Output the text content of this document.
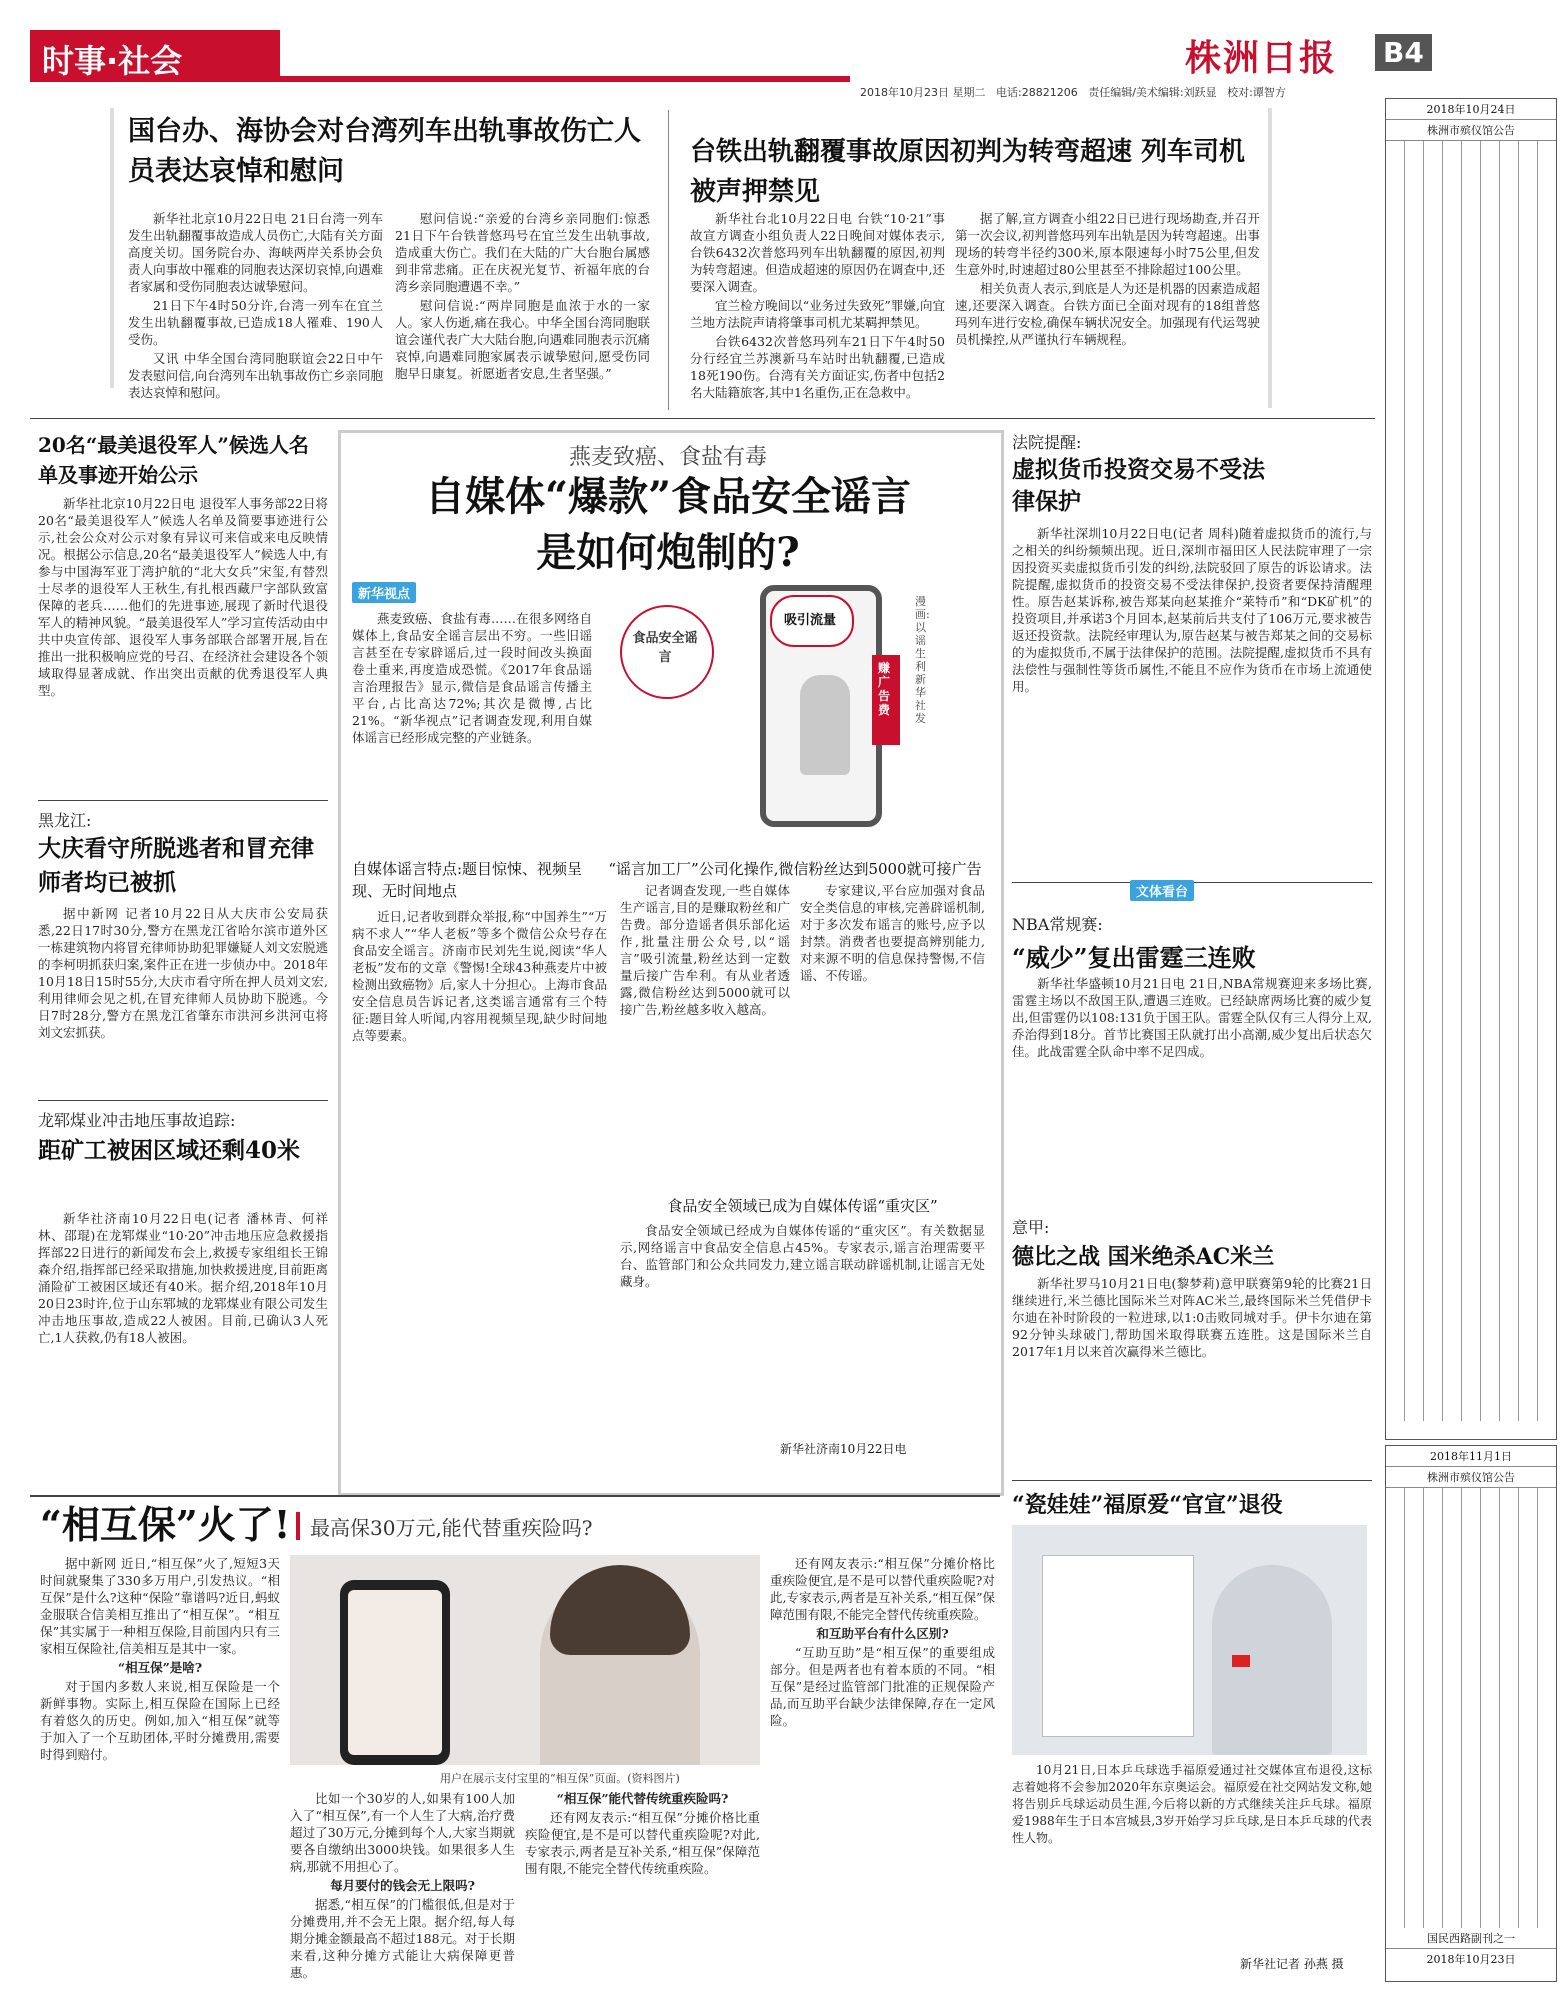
时事·社会	株洲日报 B4
2018年10月23日 星期二 电话:28821206 责任编辑/美术编辑:刘跃显 校对:谭智方
国台办、海协会对台湾列车出轨事故伤亡人员表达哀悼和慰问

新华社北京10月22日电 21日台湾一列车发生出轨翻覆事故造成人员伤亡,大陆有关方面高度关切。国务院台办、海峡两岸关系协会负责人向事故中罹难的同胞表达深切哀悼,向遇难者家属和受伤同胞表达诚挚慰问。

21日下午4时50分许,台湾一列车在宜兰发生出轨翻覆事故,已造成18人罹难、190人受伤。

又讯 中华全国台湾同胞联谊会22日中午发表慰问信,向台湾列车出轨事故伤亡乡亲同胞表达哀悼和慰问。

慰问信说:“亲爱的台湾乡亲同胞们:惊悉21日下午台铁普悠玛号在宜兰发生出轨事故,造成重大伤亡。我们在大陆的广大台胞台属感到非常悲痛。正在庆祝光复节、祈福年底的台湾乡亲同胞遭遇不幸。”

慰问信说:“两岸同胞是血浓于水的一家人。家人伤逝,痛在我心。中华全国台湾同胞联谊会谨代表广大大陆台胞,向遇难同胞表示沉痛哀悼,向遇难同胞家属表示诚挚慰问,愿受伤同胞早日康复。祈愿逝者安息,生者坚强。”

台铁出轨翻覆事故原因初判为转弯超速 列车司机被声押禁见

新华社台北10月22日电 台铁“10·21”事故宣方调查小组负责人22日晚间对媒体表示,台铁6432次普悠玛列车出轨翻覆的原因,初判为转弯超速。但造成超速的原因仍在调查中,还要深入调查。

宜兰检方晚间以“业务过失致死”罪嫌,向宜兰地方法院声请将肇事司机尤某羁押禁见。

台铁6432次普悠玛列车21日下午4时50分行经宜兰苏澳新马车站时出轨翻覆,已造成18死190伤。台湾有关方面证实,伤者中包括2名大陆籍旅客,其中1名重伤,正在急救中。

据了解,宣方调查小组22日已进行现场勘查,并召开第一次会议,初判普悠玛列车出轨是因为转弯超速。出事现场的转弯半径约300米,原本限速每小时75公里,但发生意外时,时速超过80公里甚至不排除超过100公里。

相关负责人表示,到底是人为还是机器的因素造成超速,还要深入调查。台铁方面已全面对现有的18组普悠玛列车进行安检,确保车辆状况安全。加强现有代运驾驶员机操控,从严谨执行车辆规程。

20名“最美退役军人”候选人名单及事迹开始公示

新华社北京10月22日电 退役军人事务部22日将20名“最美退役军人”候选人名单及简要事迹进行公示,社会公众对公示对象有异议可来信或来电反映情况。根据公示信息,20名“最美退役军人”候选人中,有参与中国海军亚丁湾护航的“北大女兵”宋玺,有替烈士尽孝的退役军人王秋生,有扎根西藏尸字部队致富保障的老兵……他们的先进事迹,展现了新时代退役军人的精神风貌。“最美退役军人”学习宣传活动由中共中央宣传部、退役军人事务部联合部署开展,旨在推出一批积极响应党的号召、在经济社会建设各个领域取得显著成就、作出突出贡献的优秀退役军人典型。

黑龙江:
大庆看守所脱逃者和冒充律师者均已被抓

据中新网 记者10月22日从大庆市公安局获悉,22日17时30分,警方在黑龙江省哈尔滨市道外区一栋建筑物内将冒充律师协助犯罪嫌疑人刘文宏脱逃的李柯明抓获归案,案件正在进一步侦办中。2018年10月18日15时55分,大庆市看守所在押人员刘文宏,利用律师会见之机,在冒充律师人员协助下脱逃。今日7时28分,警方在黑龙江省肇东市洪河乡洪河屯将刘文宏抓获。

龙郓煤业冲击地压事故追踪:
距矿工被困区域还剩40米

新华社济南10月22日电(记者 潘林青、何祥林、邵琨)在龙郓煤业“10·20”冲击地压应急救援指挥部22日进行的新闻发布会上,救援专家组组长王锦森介绍,指挥部已经采取措施,加快救援进度,目前距离涌险矿工被困区域还有40米。据介绍,2018年10月20日23时许,位于山东郓城的龙郓煤业有限公司发生冲击地压事故,造成22人被困。目前,已确认3人死亡,1人获救,仍有18人被困。

燕麦致癌、食盐有毒
自媒体“爆款”食品安全谣言
是如何炮制的?
新华视点

燕麦致癌、食盐有毒……在很多网络自媒体上,食品安全谣言层出不穷。一些旧谣言甚至在专家辟谣后,过一段时间改头换面卷土重来,再度造成恐慌。《2017年食品谣言治理报告》显示,微信是食品谣言传播主平台,占比高达72%;其次是微博,占比21%。“新华视点”记者调查发现,利用自媒体谣言已经形成完整的产业链条。

食品安全谣言
吸引流量
赚广告费
漫画:以谣生利 新华社发
自媒体谣言特点:题目惊悚、视频呈现、无时间地点

近日,记者收到群众举报,称“中国养生”“万病不求人”“华人老板”等多个微信公众号存在食品安全谣言。济南市民刘先生说,阅读“华人老板”发布的文章《警惕!全球43种燕麦片中被检测出致癌物》后,家人十分担心。上海市食品安全信息员告诉记者,这类谣言通常有三个特征:题目耸人听闻,内容用视频呈现,缺少时间地点等要素。

“谣言加工厂”公司化操作,微信粉丝达到5000就可接广告

记者调查发现,一些自媒体生产谣言,目的是赚取粉丝和广告费。部分造谣者俱乐部化运作,批量注册公众号,以“谣言”吸引流量,粉丝达到一定数量后接广告牟利。有从业者透露,微信粉丝达到5000就可以接广告,粉丝越多收入越高。

专家建议,平台应加强对食品安全类信息的审核,完善辟谣机制,对于多次发布谣言的账号,应予以封禁。消费者也要提高辨别能力,对来源不明的信息保持警惕,不信谣、不传谣。

食品安全领域已成为自媒体传谣“重灾区”

食品安全领域已经成为自媒体传谣的“重灾区”。有关数据显示,网络谣言中食品安全信息占45%。专家表示,谣言治理需要平台、监管部门和公众共同发力,建立谣言联动辟谣机制,让谣言无处藏身。

新华社济南10月22日电
法院提醒:
虚拟货币投资交易不受法律保护

新华社深圳10月22日电(记者 周科)随着虚拟货币的流行,与之相关的纠纷频频出现。近日,深圳市福田区人民法院审理了一宗因投资买卖虚拟货币引发的纠纷,法院驳回了原告的诉讼请求。法院提醒,虚拟货币的投资交易不受法律保护,投资者要保持清醒理性。原告赵某诉称,被告郑某向赵某推介“莱特币”和“DK矿机”的投资项目,并承诺3个月回本,赵某前后共支付了106万元,要求被告返还投资款。法院经审理认为,原告赵某与被告郑某之间的交易标的为虚拟货币,不属于法律保护的范围。法院提醒,虚拟货币不具有法偿性与强制性等货币属性,不能且不应作为货币在市场上流通使用。

文体看台
NBA常规赛:
“威少”复出雷霆三连败

新华社华盛顿10月21日电 21日,NBA常规赛迎来多场比赛,雷霆主场以不敌国王队,遭遇三连败。已经缺席两场比赛的威少复出,但雷霆仍以108:131负于国王队。雷霆全队仅有三人得分上双,乔治得到18分。首节比赛国王队就打出小高潮,威少复出后状态欠佳。此战雷霆全队命中率不足四成。

意甲:
德比之战 国米绝杀AC米兰

新华社罗马10月21日电(黎梦莉)意甲联赛第9轮的比赛21日继续进行,米兰德比国际米兰对阵AC米兰,最终国际米兰凭借伊卡尔迪在补时阶段的一粒进球,以1:0击败同城对手。伊卡尔迪在第92分钟头球破门,帮助国米取得联赛五连胜。这是国际米兰自2017年1月以来首次赢得米兰德比。

“瓷娃娃”福原爱“官宣”退役

10月21日,日本乒乓球选手福原爱通过社交媒体宣布退役,这标志着她将不会参加2020年东京奥运会。福原爱在社交网站发文称,她将告别乒乓球运动员生涯,今后将以新的方式继续关注乒乓球。福原爱1988年生于日本宫城县,3岁开始学习乒乓球,是日本乒乓球的代表性人物。

新华社记者 孙燕 摄
“相互保”火了! 最高保30万元,能代替重疾险吗?

据中新网 近日,“相互保”火了,短短3天时间就聚集了330多万用户,引发热议。“相互保”是什么?这种“保险”靠谱吗?近日,蚂蚁金服联合信美相互推出了“相互保”。“相互保”其实属于一种相互保险,目前国内只有三家相互保险社,信美相互是其中一家。

“相互保”是啥?

对于国内多数人来说,相互保险是一个新鲜事物。实际上,相互保险在国际上已经有着悠久的历史。例如,加入“相互保”就等于加入了一个互助团体,平时分摊费用,需要时得到赔付。

用户在展示支付宝里的“相互保”页面。(资料图片)

比如一个30岁的人,如果有100人加入了“相互保”,有一个人生了大病,治疗费超过了30万元,分摊到每个人,大家当期就要各自缴纳出3000块钱。如果很多人生病,那就不用担心了。

每月要付的钱会无上限吗?

据悉,“相互保”的门槛很低,但是对于分摊费用,并不会无上限。据介绍,每人每期分摊金额最高不超过188元。对于长期来看,这种分摊方式能让大病保障更普惠。

“相互保”能代替传统重疾险吗?

还有网友表示:“相互保”分摊价格比重疾险便宜,是不是可以替代重疾险呢?对此,专家表示,两者是互补关系,“相互保”保障范围有限,不能完全替代传统重疾险。

还有网友表示:“相互保”分摊价格比重疾险便宜,是不是可以替代重疾险呢?对此,专家表示,两者是互补关系,“相互保”保障范围有限,不能完全替代传统重疾险。

和互助平台有什么区别?

“互助互助”是“相互保”的重要组成部分。但是两者也有着本质的不同。“相互保”是经过监管部门批准的正规保险产品,而互助平台缺少法律保障,存在一定风险。

2018年10月24日
株洲市殡仪馆公告
2018年11月1日
株洲市殡仪馆公告
国民西路副刊之一
2018年10月23日
